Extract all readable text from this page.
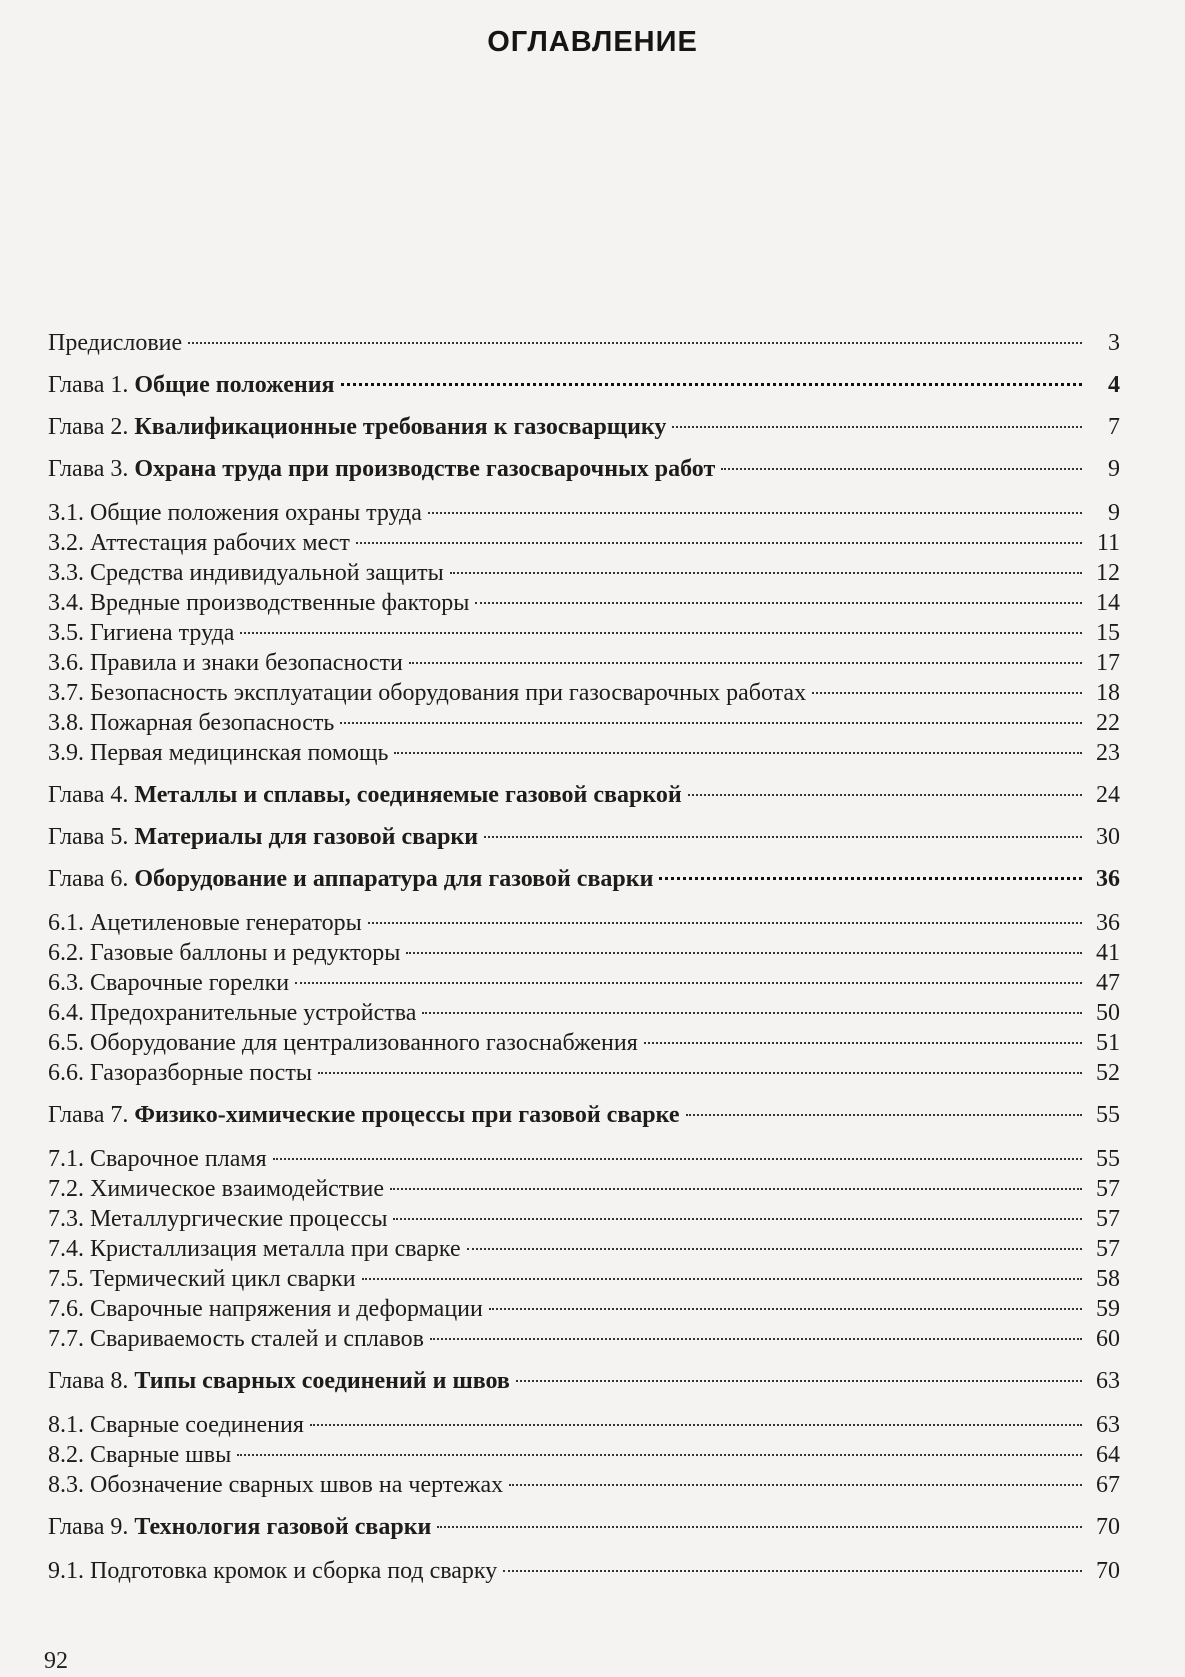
ОГЛАВЛЕНИЕ
Предисловие	3
Глава 1. Общие положения	4
Глава 2. Квалификационные требования к газосварщику	7
Глава 3. Охрана труда при производстве газосварочных работ	9
3.1. Общие положения охраны труда	9
3.2. Аттестация рабочих мест	11
3.3. Средства индивидуальной защиты	12
3.4. Вредные производственные факторы	14
3.5. Гигиена труда	15
3.6. Правила и знаки безопасности	17
3.7. Безопасность эксплуатации оборудования при газосварочных работах	18
3.8. Пожарная безопасность	22
3.9. Первая медицинская помощь	23
Глава 4. Металлы и сплавы, соединяемые газовой сваркой	24
Глава 5. Материалы для газовой сварки	30
Глава 6. Оборудование и аппаратура для газовой сварки	36
6.1. Ацетиленовые генераторы	36
6.2. Газовые баллоны и редукторы	41
6.3. Сварочные горелки	47
6.4. Предохранительные устройства	50
6.5. Оборудование для централизованного газоснабжения	51
6.6. Газоразборные посты	52
Глава 7. Физико-химические процессы при газовой сварке	55
7.1. Сварочное пламя	55
7.2. Химическое взаимодействие	57
7.3. Металлургические процессы	57
7.4. Кристаллизация металла при сварке	57
7.5. Термический цикл сварки	58
7.6. Сварочные напряжения и деформации	59
7.7. Свариваемость сталей и сплавов	60
Глава 8. Типы сварных соединений и швов	63
8.1. Сварные соединения	63
8.2. Сварные швы	64
8.3. Обозначение сварных швов на чертежах	67
Глава 9. Технология газовой сварки	70
9.1. Подготовка кромок и сборка под сварку	70
92
